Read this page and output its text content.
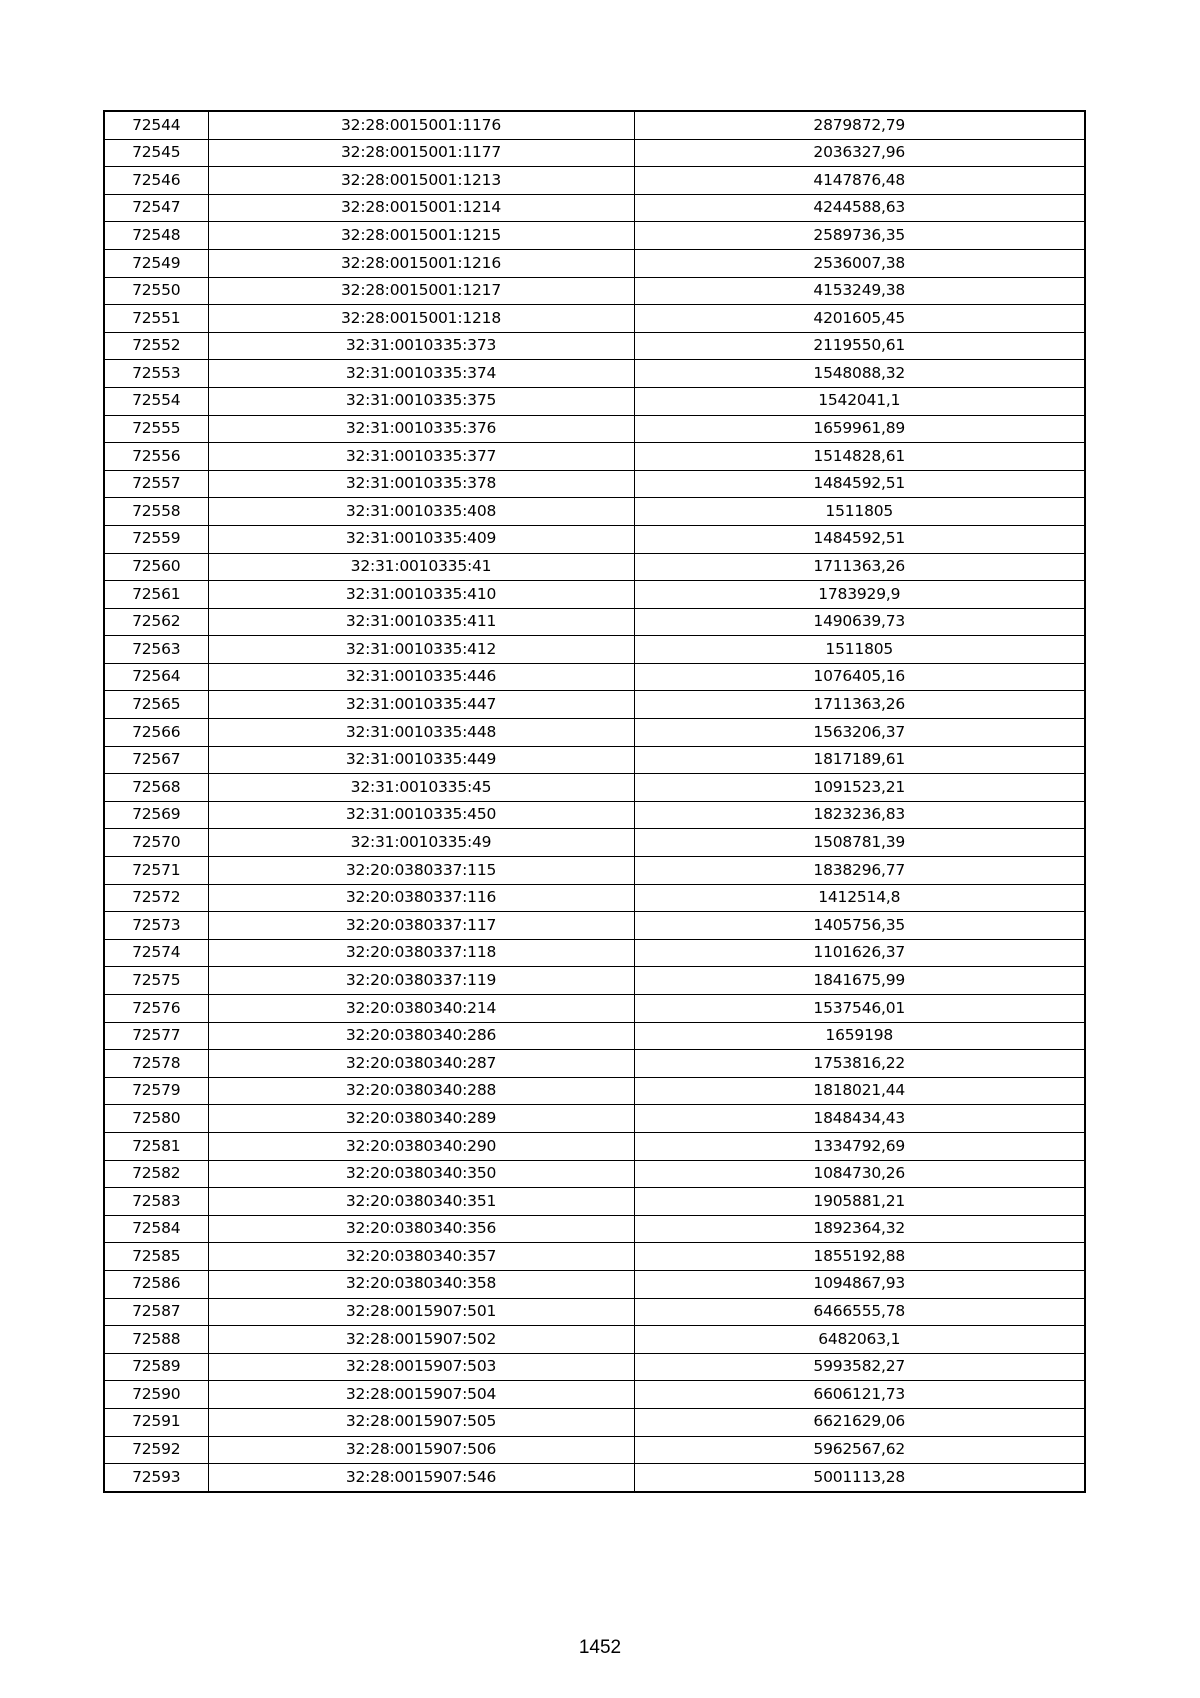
72544	32:28:0015001:1176	2879872,79
72545	32:28:0015001:1177	2036327,96
72546	32:28:0015001:1213	4147876,48
72547	32:28:0015001:1214	4244588,63
72548	32:28:0015001:1215	2589736,35
72549	32:28:0015001:1216	2536007,38
72550	32:28:0015001:1217	4153249,38
72551	32:28:0015001:1218	4201605,45
72552	32:31:0010335:373	2119550,61
72553	32:31:0010335:374	1548088,32
72554	32:31:0010335:375	1542041,1
72555	32:31:0010335:376	1659961,89
72556	32:31:0010335:377	1514828,61
72557	32:31:0010335:378	1484592,51
72558	32:31:0010335:408	1511805
72559	32:31:0010335:409	1484592,51
72560	32:31:0010335:41	1711363,26
72561	32:31:0010335:410	1783929,9
72562	32:31:0010335:411	1490639,73
72563	32:31:0010335:412	1511805
72564	32:31:0010335:446	1076405,16
72565	32:31:0010335:447	1711363,26
72566	32:31:0010335:448	1563206,37
72567	32:31:0010335:449	1817189,61
72568	32:31:0010335:45	1091523,21
72569	32:31:0010335:450	1823236,83
72570	32:31:0010335:49	1508781,39
72571	32:20:0380337:115	1838296,77
72572	32:20:0380337:116	1412514,8
72573	32:20:0380337:117	1405756,35
72574	32:20:0380337:118	1101626,37
72575	32:20:0380337:119	1841675,99
72576	32:20:0380340:214	1537546,01
72577	32:20:0380340:286	1659198
72578	32:20:0380340:287	1753816,22
72579	32:20:0380340:288	1818021,44
72580	32:20:0380340:289	1848434,43
72581	32:20:0380340:290	1334792,69
72582	32:20:0380340:350	1084730,26
72583	32:20:0380340:351	1905881,21
72584	32:20:0380340:356	1892364,32
72585	32:20:0380340:357	1855192,88
72586	32:20:0380340:358	1094867,93
72587	32:28:0015907:501	6466555,78
72588	32:28:0015907:502	6482063,1
72589	32:28:0015907:503	5993582,27
72590	32:28:0015907:504	6606121,73
72591	32:28:0015907:505	6621629,06
72592	32:28:0015907:506	5962567,62
72593	32:28:0015907:546	5001113,28
1452
